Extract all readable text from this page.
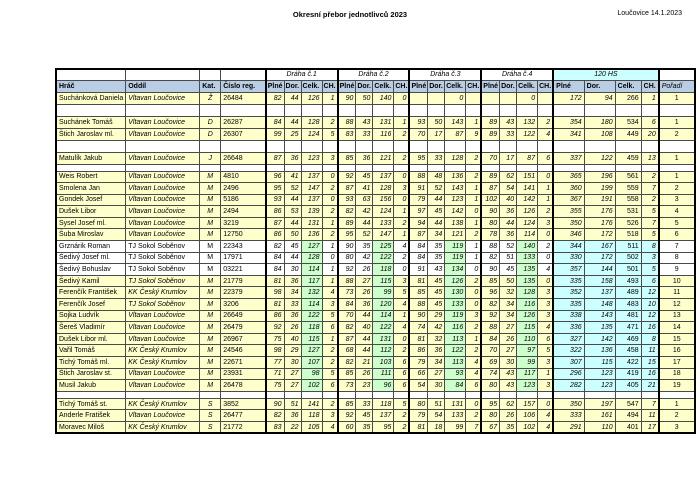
Okresní přebor jednotlivců 2023	Loučovice 14.1.2023
				Dráha č.1				Dráha č.2				Dráha č.3				Dráha č.4				120 HS				
Hráč	Oddíl	Kat.	Číslo reg.	Plné	Dor.	Celk.	CH.	Plné	Dor.	Celk.	CH.	Plné	Dor.	Celk.	CH.	Plné	Dor.	Celk.	CH.	Plné	Dor.	Celk.	CH.	Pořadí
Suchánková Daniela	Vltavan Loučovice	Ž	26484	82	44	126	1	90	50	140	0			0				0		172	94	266	1	1

Suchánek Tomáš	Vltavan Loučovice	D	26287	84	44	128	2	88	43	131	1	93	50	143	1	89	43	132	2	354	180	534	6	1
Štich Jaroslav ml.	Vltavan Loučovice	D	26307	99	25	124	5	83	33	116	2	70	17	87	9	89	33	122	4	341	108	449	20	2

Matulík Jakub	Vltavan Loučovice	J	26648	87	36	123	3	85	36	121	2	95	33	128	2	70	17	87	6	337	122	459	13	1

Weis Robert	Vltavan Loučovice	M	4810	96	41	137	0	92	45	137	0	88	48	136	2	89	62	151	0	365	196	561	2	1
Smolena Jan	Vltavan Loučovice	M	2496	95	52	147	2	87	41	128	3	91	52	143	1	87	54	141	1	360	199	559	7	2
Gondek Josef	Vltavan Loučovice	M	5186	93	44	137	0	93	63	156	0	79	44	123	1	102	40	142	1	367	191	558	2	3
Dušek Libor	Vltavan Loučovice	M	2494	86	53	139	2	82	42	124	1	97	45	142	0	90	36	126	2	355	176	531	5	4
Sysel Josef ml.	Vltavan Loučovice	M	3219	87	44	131	1	89	44	133	2	94	44	138	1	80	44	124	3	350	176	526	7	5
Šuba Miroslav	Vltavan Loučovice	M	12750	86	50	136	2	95	52	147	1	87	34	121	2	78	36	114	0	346	172	518	5	6
Grznárik Roman	TJ Sokol Soběnov	M	22343	82	45	127	1	90	35	125	4	84	35	119	1	88	52	140	2	344	167	511	8	7
Šedivý Josef ml.	TJ Sokol Soběnov	M	17971	84	44	128	0	80	42	122	2	84	35	119	1	82	51	133	0	330	172	502	3	8
Šedivý Bohuslav	TJ Sokol Soběnov	M	03221	84	30	114	1	92	26	118	0	91	43	134	0	90	45	135	4	357	144	501	5	9
Šedivý Kamil	TJ Sokol Soběnov	M	21779	81	36	117	1	88	27	115	3	81	45	126	2	85	50	135	0	335	158	493	6	10
Ferenčík František	KK Český Krumlov	M	22379	98	34	132	4	73	26	99	5	85	45	130	0	96	32	128	3	352	137	489	12	11
Ferenčík Josef	TJ Sokol Soběnov	M	3206	81	33	114	3	84	36	120	4	88	45	133	0	82	34	116	3	335	148	483	10	12
Sojka Ludvík	Vltavan Loučovice	M	26649	86	36	122	5	70	44	114	1	90	29	119	3	92	34	126	3	338	143	481	12	13
Šereš Vladimír	Vltavan Loučovice	M	26479	92	26	118	6	82	40	122	4	74	42	116	2	88	27	115	4	336	135	471	16	14
Dušek Libor ml.	Vltavan Loučovice	M	26967	75	40	115	1	87	44	131	0	81	32	113	1	84	26	110	6	327	142	469	8	15
Vařil Tomáš	KK Český Krumlov	M	24546	98	29	127	2	68	44	112	2	86	36	122	2	70	27	97	5	322	136	458	11	16
Tichý Tomáš ml.	KK Český Krumlov	M	22671	77	30	107	2	82	21	103	6	79	34	113	4	69	30	99	3	307	115	422	15	17
Štich Jaroslav st.	Vltavan Loučovice	M	23931	71	27	98	5	85	26	111	6	66	27	93	4	74	43	117	1	296	123	419	16	18
Musil Jakub	Vltavan Loučovice	M	26478	75	27	102	6	73	23	96	6	54	30	84	6	80	43	123	3	282	123	405	21	19

Tichý Tomáš st.	KK Český Krumlov	S	3852	90	51	141	2	85	33	118	5	80	51	131	0	95	62	157	0	350	197	547	7	1
Anderle Fratišek	Vltavan Loučovice	S	26477	82	36	118	3	92	45	137	2	79	54	133	2	80	26	106	4	333	161	494	11	2
Moravec Miloš	KK Český Krumlov	S	21772	83	22	105	4	60	35	95	2	81	18	99	7	67	35	102	4	291	110	401	17	3
